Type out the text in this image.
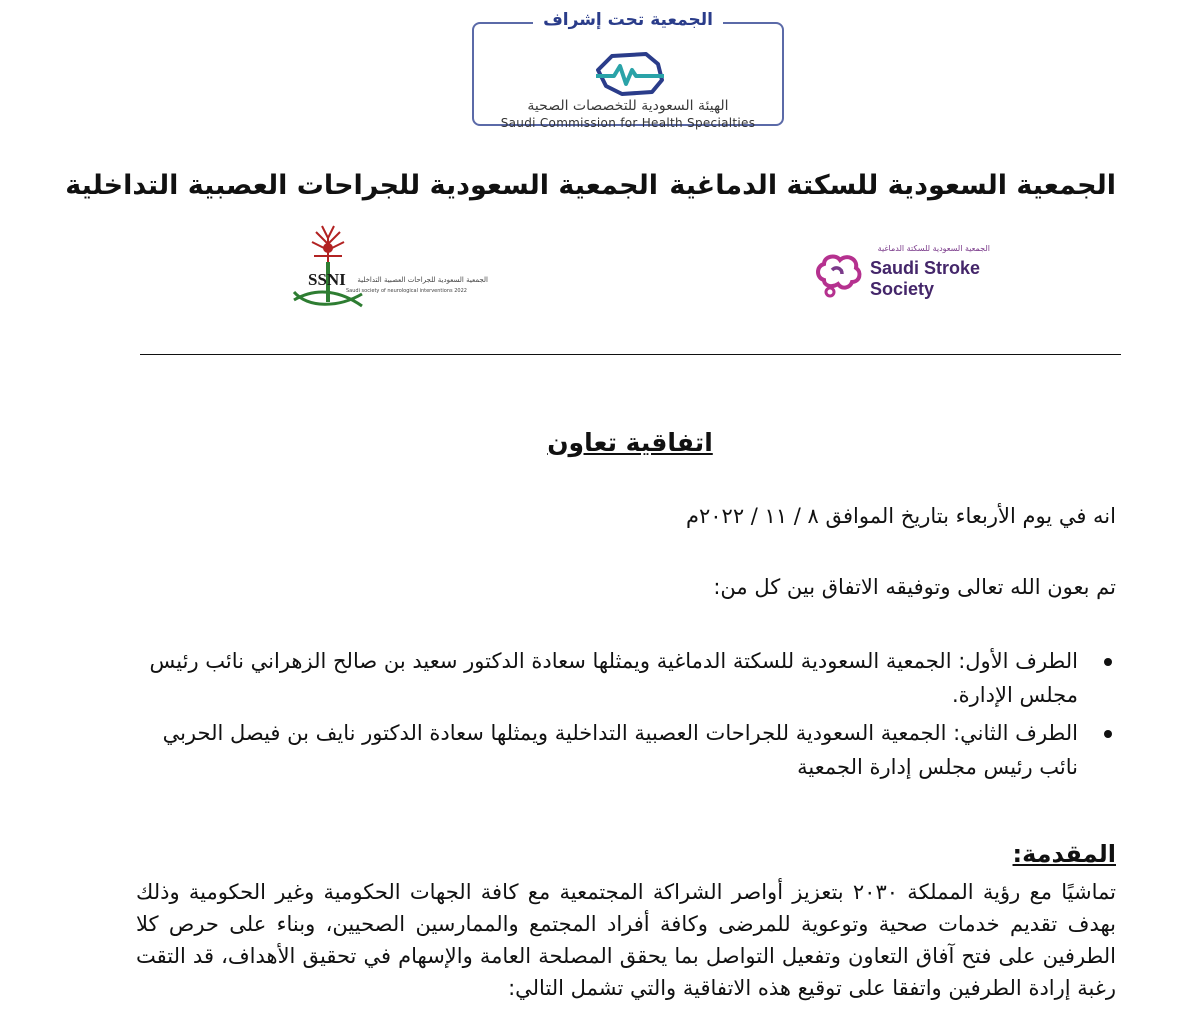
الجمعية تحت إشراف
الهيئة السعودية للتخصصات الصحية
Saudi Commission for Health Specialties
الجمعية السعودية للسكتة الدماغية
الجمعية السعودية للجراحات العصبية التداخلية
الجمعية السعودية للسكتة الدماغية
Saudi Stroke
Society
SSNI	الجمعية السعودية للجراحات العصبية التداخلية
Saudi society of neurological interventions 2022
اتفاقية تعاون
انه في يوم الأربعاء بتاريخ الموافق ٨ / ١١ / ٢٠٢٢م
تم بعون الله تعالى وتوفيقه الاتفاق بين كل من:
الطرف الأول: الجمعية السعودية للسكتة الدماغية ويمثلها سعادة الدكتور سعيد بن صالح الزهراني نائب رئيس مجلس الإدارة.
الطرف الثاني: الجمعية السعودية للجراحات العصبية التداخلية ويمثلها سعادة الدكتور نايف بن فيصل الحربي نائب رئيس مجلس إدارة الجمعية
المقدمة:
تماشيًا مع رؤية المملكة ٢٠٣٠ بتعزيز أواصر الشراكة المجتمعية مع كافة الجهات الحكومية وغير الحكومية وذلك بهدف تقديم خدمات صحية وتوعوية للمرضى وكافة أفراد المجتمع والممارسين الصحيين، وبناء على حرص كلا الطرفين على فتح آفاق التعاون وتفعيل التواصل بما يحقق المصلحة العامة والإسهام في تحقيق الأهداف، قد التقت رغبة إرادة الطرفين واتفقا على توقيع هذه الاتفاقية والتي تشمل التالي:
